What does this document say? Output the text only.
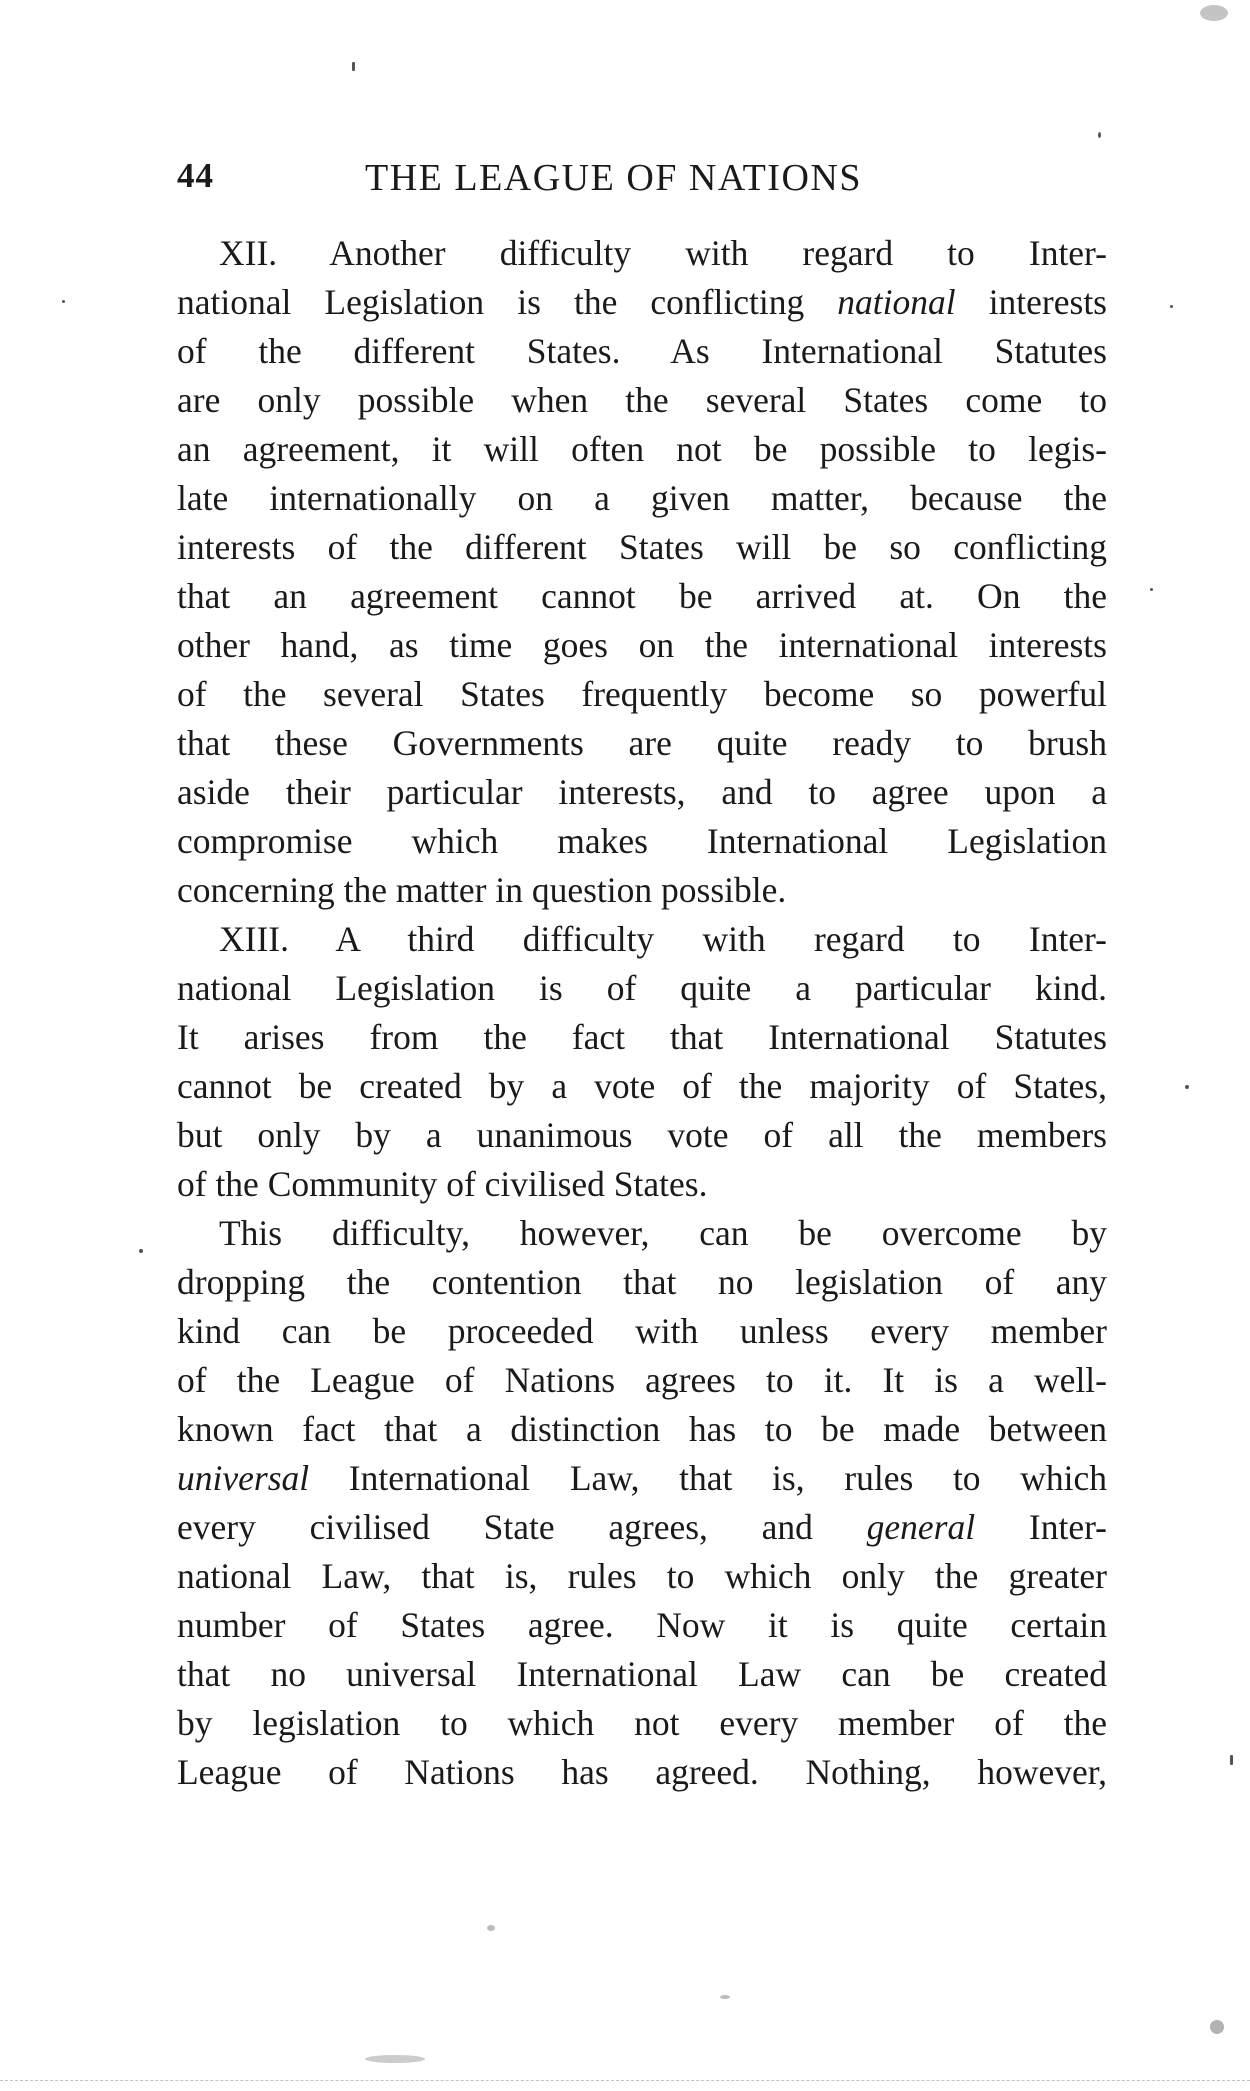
44	THE LEAGUE OF NATIONS
XII. Another difficulty with regard to Inter-
national Legislation is the conflicting national interests
of the different States. As International Statutes
are only possible when the several States come to
an agreement, it will often not be possible to legis-
late internationally on a given matter, because the
interests of the different States will be so conflicting
that an agreement cannot be arrived at. On the
other hand, as time goes on the international interests
of the several States frequently become so powerful
that these Governments are quite ready to brush
aside their particular interests, and to agree upon a
compromise which makes International Legislation
concerning the matter in question possible.
XIII. A third difficulty with regard to Inter-
national Legislation is of quite a particular kind.
It arises from the fact that International Statutes
cannot be created by a vote of the majority of States,
but only by a unanimous vote of all the members
of the Community of civilised States.
This difficulty, however, can be overcome by
dropping the contention that no legislation of any
kind can be proceeded with unless every member
of the League of Nations agrees to it. It is a well-
known fact that a distinction has to be made between
universal International Law, that is, rules to which
every civilised State agrees, and general Inter-
national Law, that is, rules to which only the greater
number of States agree. Now it is quite certain
that no universal International Law can be created
by legislation to which not every member of the
League of Nations has agreed. Nothing, however,
